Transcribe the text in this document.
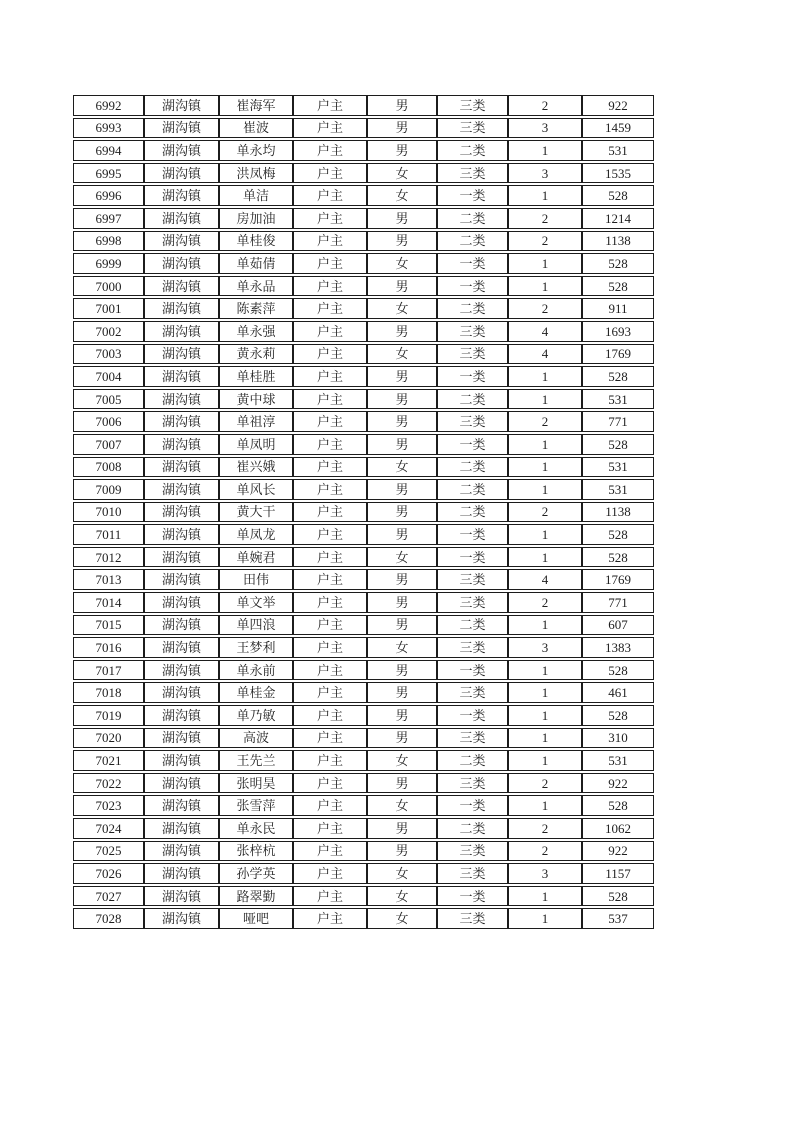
6992	湖沟镇	崔海军	户主	男	三类	2	922
6993	湖沟镇	崔波	户主	男	三类	3	1459
6994	湖沟镇	单永均	户主	男	二类	1	531
6995	湖沟镇	洪凤梅	户主	女	三类	3	1535
6996	湖沟镇	单洁	户主	女	一类	1	528
6997	湖沟镇	房加油	户主	男	二类	2	1214
6998	湖沟镇	单桂俊	户主	男	二类	2	1138
6999	湖沟镇	单茹倩	户主	女	一类	1	528
7000	湖沟镇	单永品	户主	男	一类	1	528
7001	湖沟镇	陈素萍	户主	女	二类	2	911
7002	湖沟镇	单永强	户主	男	三类	4	1693
7003	湖沟镇	黄永莉	户主	女	三类	4	1769
7004	湖沟镇	单桂胜	户主	男	一类	1	528
7005	湖沟镇	黄中球	户主	男	二类	1	531
7006	湖沟镇	单祖淳	户主	男	三类	2	771
7007	湖沟镇	单凤明	户主	男	一类	1	528
7008	湖沟镇	崔兴娥	户主	女	二类	1	531
7009	湖沟镇	单风长	户主	男	二类	1	531
7010	湖沟镇	黄大干	户主	男	二类	2	1138
7011	湖沟镇	单凤龙	户主	男	一类	1	528
7012	湖沟镇	单婉君	户主	女	一类	1	528
7013	湖沟镇	田伟	户主	男	三类	4	1769
7014	湖沟镇	单文举	户主	男	三类	2	771
7015	湖沟镇	单四浪	户主	男	二类	1	607
7016	湖沟镇	王梦利	户主	女	三类	3	1383
7017	湖沟镇	单永前	户主	男	一类	1	528
7018	湖沟镇	单桂金	户主	男	三类	1	461
7019	湖沟镇	单乃敏	户主	男	一类	1	528
7020	湖沟镇	高波	户主	男	三类	1	310
7021	湖沟镇	王先兰	户主	女	二类	1	531
7022	湖沟镇	张明昊	户主	男	三类	2	922
7023	湖沟镇	张雪萍	户主	女	一类	1	528
7024	湖沟镇	单永民	户主	男	二类	2	1062
7025	湖沟镇	张梓杭	户主	男	三类	2	922
7026	湖沟镇	孙学英	户主	女	三类	3	1157
7027	湖沟镇	路翠勤	户主	女	一类	1	528
7028	湖沟镇	哑吧	户主	女	三类	1	537
